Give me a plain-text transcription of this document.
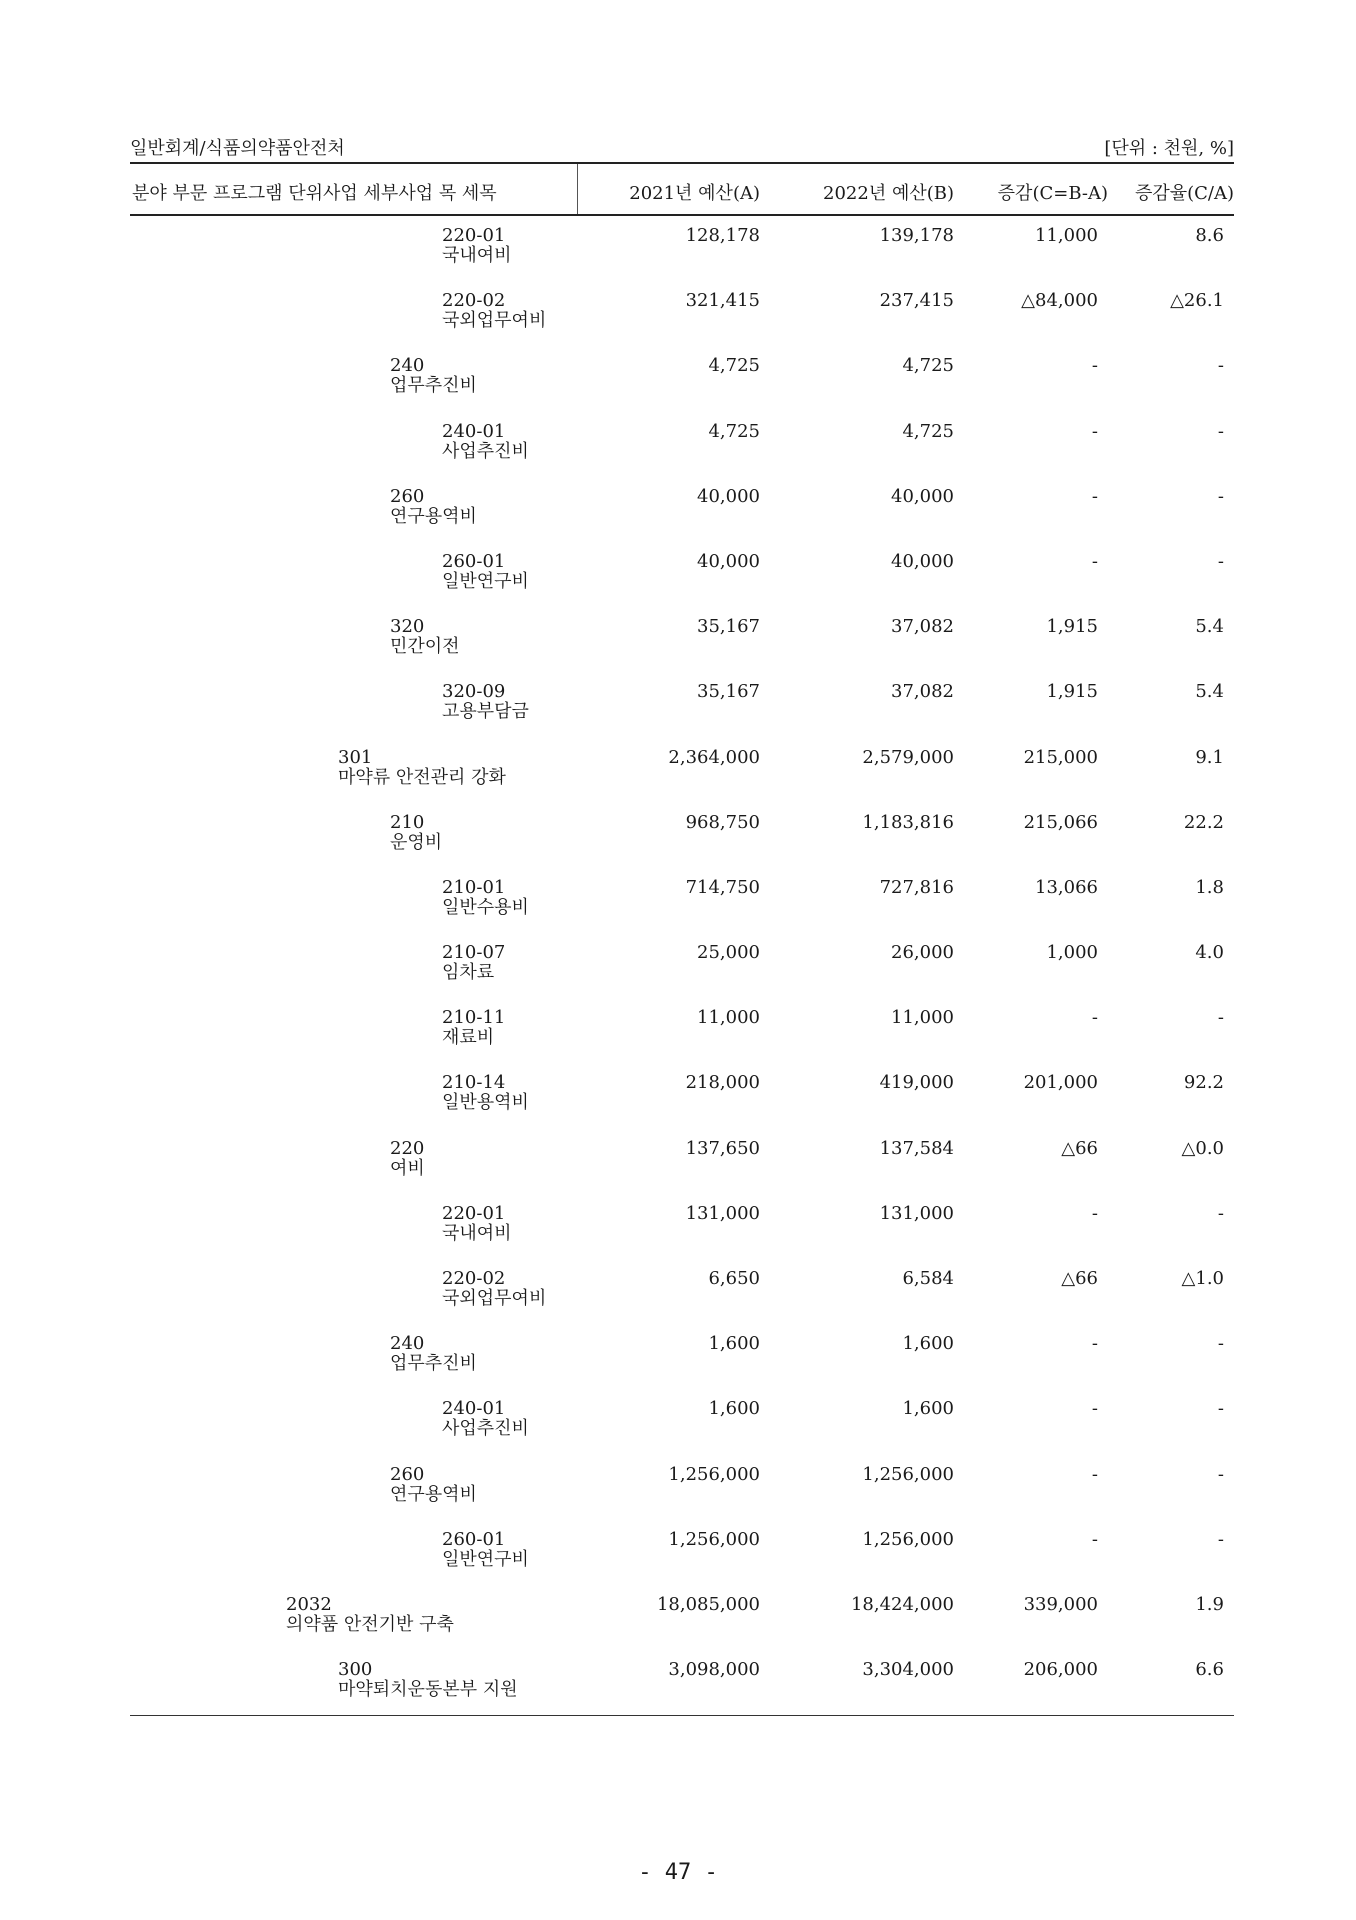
일반회계/식품의약품안전처	[단위 : 천원, %]
분야 부문 프로그램 단위사업 세부사업 목 세목	2021년 예산(A)	2022년 예산(B) 증감(C=B-A) 증감율(C/A)
220-01
국내여비
128,178	139,178	11,000	8.6
220-02
국외업무여비
321,415	237,415	△84,000	△26.1
240
업무추진비
4,725	4,725	-	-
240-01
사업추진비
4,725	4,725	-	-
260
연구용역비
40,000	40,000	-	-
260-01
일반연구비
40,000	40,000	-	-
320
민간이전
35,167	37,082	1,915	5.4
320-09
고용부담금
35,167	37,082	1,915	5.4
301
마약류 안전관리 강화
2,364,000	2,579,000	215,000	9.1
210
운영비
968,750	1,183,816	215,066	22.2
210-01
일반수용비
714,750	727,816	13,066	1.8
210-07
임차료
25,000	26,000	1,000	4.0
210-11
재료비
11,000	11,000	-	-
210-14
일반용역비
218,000	419,000	201,000	92.2
220
여비
137,650	137,584	△66	△0.0
220-01
국내여비
131,000	131,000	-	-
220-02
국외업무여비
6,650	6,584	△66	△1.0
240
업무추진비
1,600	1,600	-	-
240-01
사업추진비
1,600	1,600	-	-
260
연구용역비
1,256,000	1,256,000	-	-
260-01
일반연구비
1,256,000	1,256,000	-	-
2032
의약품 안전기반 구축
18,085,000	18,424,000	339,000	1.9
300
마약퇴치운동본부 지원
3,098,000	3,304,000	206,000	6.6
- 47 -
